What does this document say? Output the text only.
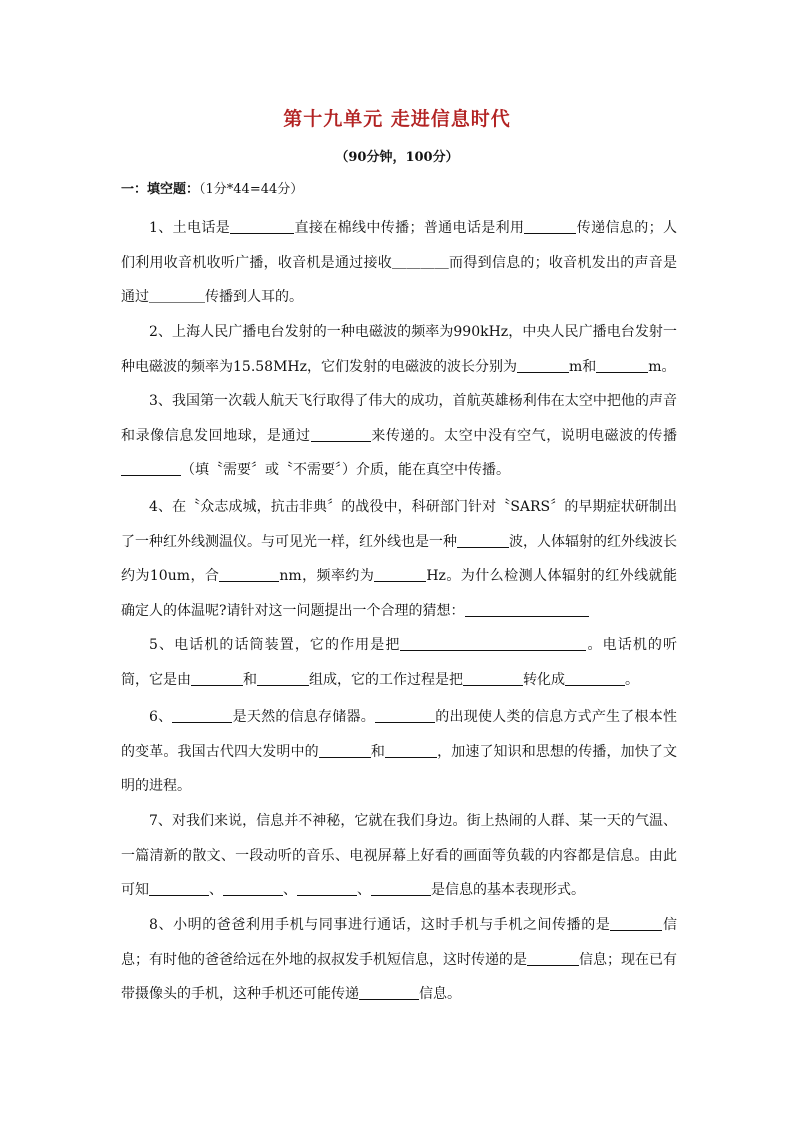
第十九单元 走进信息时代
（90分钟，100分）
一：填空题：（1分*44=44分）
1、土电话是	直接在棉线中传播；普通电话是利用	传递信息的；人们利用收音机收听广播，收音机是通过接收＿＿＿＿而得到信息的；收音机发出的声音是通过＿＿＿＿传播到人耳的。
2、上海人民广播电台发射的一种电磁波的频率为990kHz，中央人民广播电台发射一种电磁波的频率为15.58MHz，它们发射的电磁波的波长分别为	m和	m。
3、我国第一次载人航天飞行取得了伟大的成功，首航英雄杨利伟在太空中把他的声音和录像信息发回地球，是通过	来传递的。太空中没有空气，说明电磁波的传播（填〝需要〞或〝不需要〞）介质，能在真空中传播。
4、在〝众志成城，抗击非典〞的战役中，科研部门针对〝SARS〞的早期症状研制出了一种红外线测温仪。与可见光一样，红外线也是一种	波，人体辐射的红外线波长约为10um，合	nm，频率约为	Hz。为什么检测人体辐射的红外线就能确定人的体温呢?请针对这一问题提出一个合理的猜想：
5、电话机的话筒装置，它的作用是把	。电话机的听筒，它是由	和	组成，它的工作过程是把	转化成	。
6、	是天然的信息存储器。	的出现使人类的信息方式产生了根本性的变革。我国古代四大发明中的	和	，加速了知识和思想的传播，加快了文明的进程。
7、对我们来说，信息并不神秘，它就在我们身边。街上热闹的人群、某一天的气温、一篇清新的散文、一段动听的音乐、电视屏幕上好看的画面等负载的内容都是信息。由此可知	、	、	、	是信息的基本表现形式。
8、小明的爸爸利用手机与同事进行通话，这时手机与手机之间传播的是	信息；有时他的爸爸给远在外地的叔叔发手机短信息，这时传递的是	信息；现在已有带摄像头的手机，这种手机还可能传递	信息。
